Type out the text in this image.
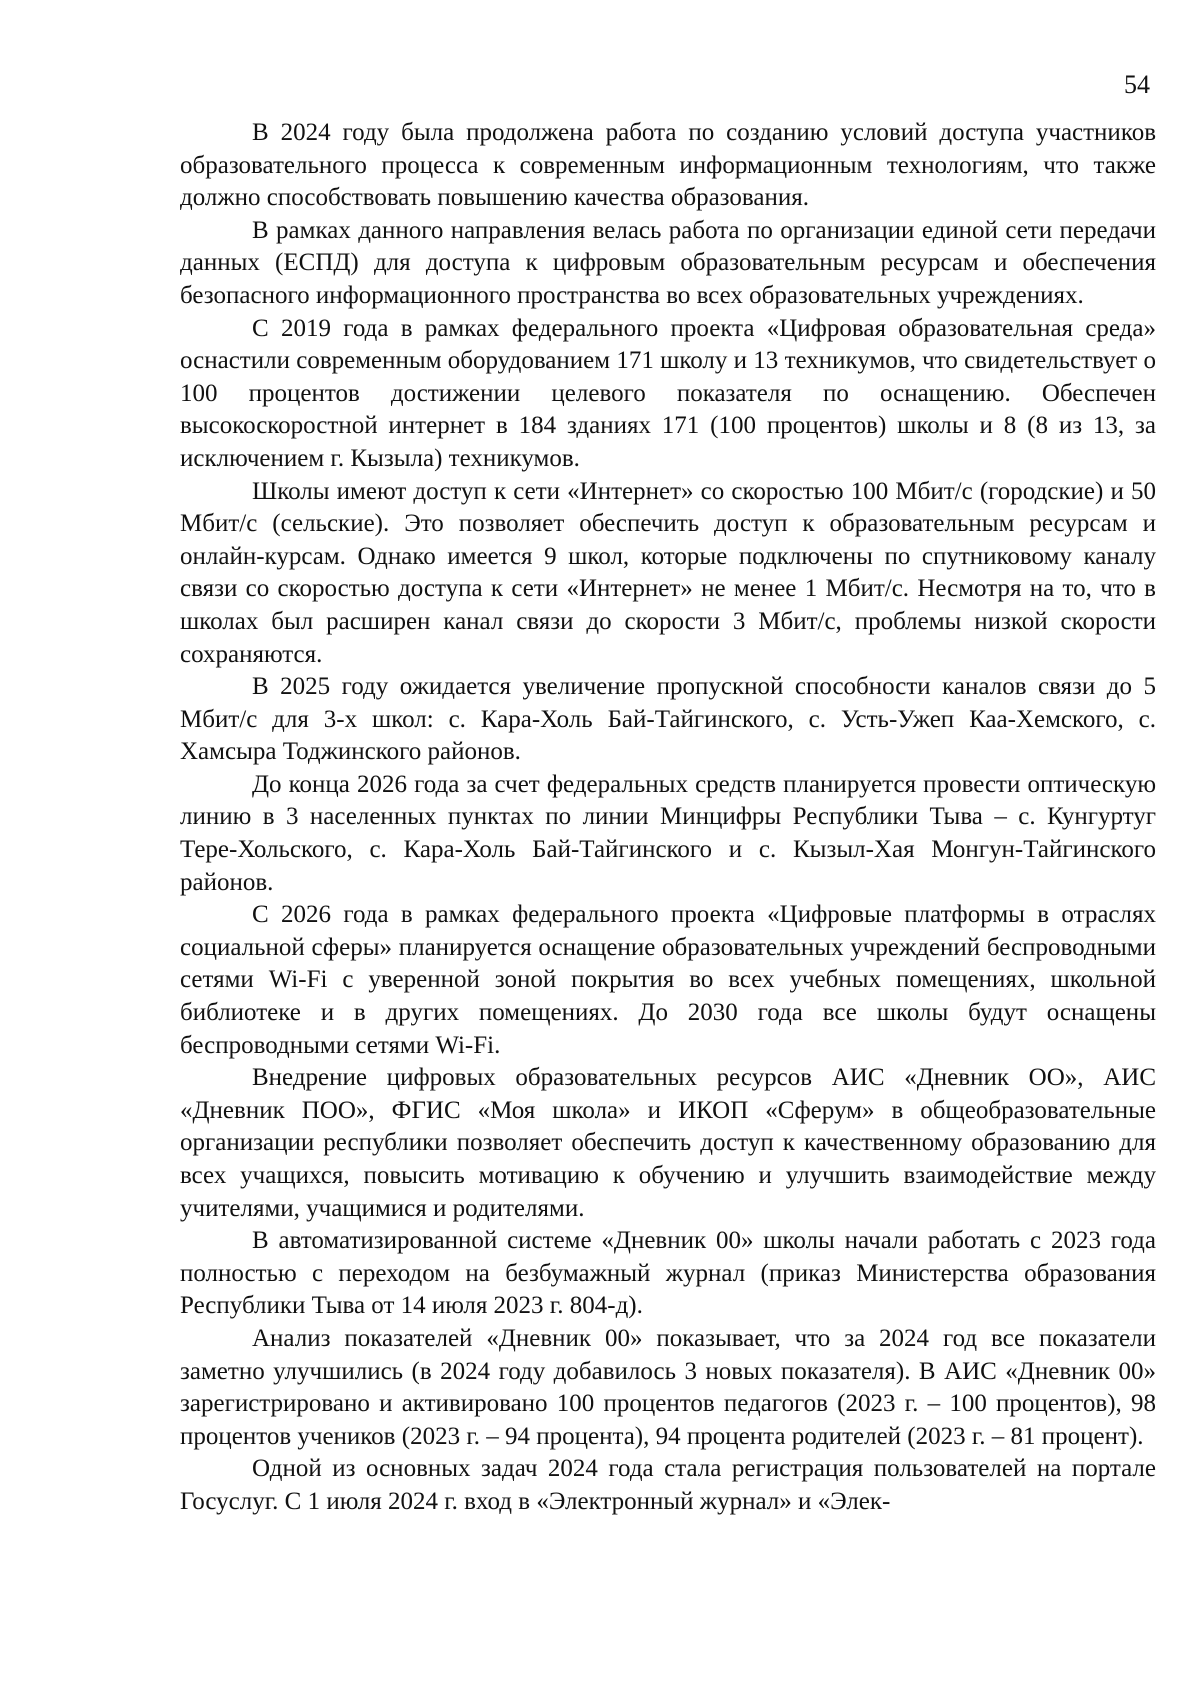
54

В 2024 году была продолжена работа по созданию условий доступа участников образовательного процесса к современным информационным технологиям, что также должно способствовать повышению качества образования.

В рамках данного направления велась работа по организации единой сети передачи данных (ЕСПД) для доступа к цифровым образовательным ресурсам и обеспечения безопасного информационного пространства во всех образовательных учреждениях.

С 2019 года в рамках федерального проекта «Цифровая образовательная среда» оснастили современным оборудованием 171 школу и 13 техникумов, что свидетельствует о 100 процентов достижении целевого показателя по оснащению. Обеспечен высокоскоростной интернет в 184 зданиях 171 (100 процентов) школы и 8 (8 из 13, за исключением г. Кызыла) техникумов.

Школы имеют доступ к сети «Интернет» со скоростью 100 Мбит/с (городские) и 50 Мбит/с (сельские). Это позволяет обеспечить доступ к образовательным ресурсам и онлайн-курсам. Однако имеется 9 школ, которые подключены по спутниковому каналу связи со скоростью доступа к сети «Интернет» не менее 1 Мбит/с. Несмотря на то, что в школах был расширен канал связи до скорости 3 Мбит/с, проблемы низкой скорости сохраняются.

В 2025 году ожидается увеличение пропускной способности каналов связи до 5 Мбит/с для 3-х школ: с. Кара-Холь Бай-Тайгинского, с. Усть-Ужеп Каа-Хемского, с. Хамсыра Тоджинского районов.

До конца 2026 года за счет федеральных средств планируется провести оптическую линию в 3 населенных пунктах по линии Минцифры Республики Тыва – с. Кунгуртуг Тере-Хольского, с. Кара-Холь Бай-Тайгинского и с. Кызыл-Хая Монгун-Тайгинского районов.

С 2026 года в рамках федерального проекта «Цифровые платформы в отраслях социальной сферы» планируется оснащение образовательных учреждений беспроводными сетями Wi-Fi с уверенной зоной покрытия во всех учебных помещениях, школьной библиотеке и в других помещениях. До 2030 года все школы будут оснащены беспроводными сетями Wi-Fi.

Внедрение цифровых образовательных ресурсов АИС «Дневник ОО», АИС «Дневник ПОО», ФГИС «Моя школа» и ИКОП «Сферум» в общеобразовательные организации республики позволяет обеспечить доступ к качественному образованию для всех учащихся, повысить мотивацию к обучению и улучшить взаимодействие между учителями, учащимися и родителями.

В автоматизированной системе «Дневник 00» школы начали работать с 2023 года полностью с переходом на безбумажный журнал (приказ Министерства образования Республики Тыва от 14 июля 2023 г. 804-д).

Анализ показателей «Дневник 00» показывает, что за 2024 год все показатели заметно улучшились (в 2024 году добавилось 3 новых показателя). В АИС «Дневник 00» зарегистрировано и активировано 100 процентов педагогов (2023 г. – 100 процентов), 98 процентов учеников (2023 г. – 94 процента), 94 процента родителей (2023 г. – 81 процент).

Одной из основных задач 2024 года стала регистрация пользователей на портале Госуслуг. С 1 июля 2024 г. вход в «Электронный журнал» и «Элек-
